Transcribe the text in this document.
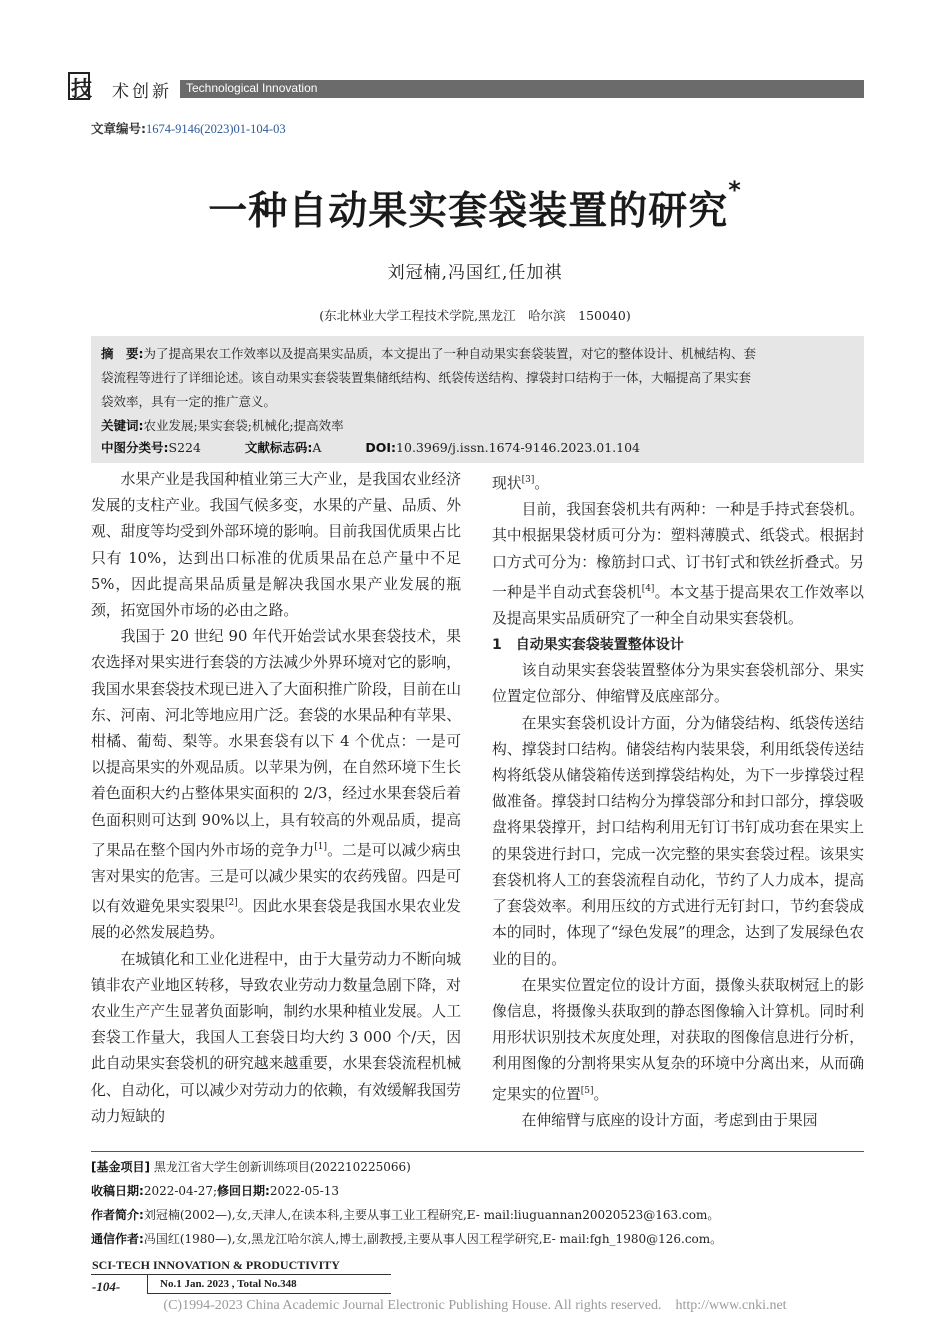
技 术创新 Technological Innovation
文章编号:1674-9146(2023)01-104-03
一种自动果实套袋装置的研究*
刘冠楠,冯国红,任加祺
(东北林业大学工程技术学院,黑龙江　哈尔滨　150040)
摘　要:为了提高果农工作效率以及提高果实品质，本文提出了一种自动果实套袋装置，对它的整体设计、机械结构、套
袋流程等进行了详细论述。该自动果实套袋装置集储纸结构、纸袋传送结构、撑袋封口结构于一体，大幅提高了果实套
袋效率，具有一定的推广意义。
关键词:农业发展;果实套袋;机械化;提高效率
中图分类号:S224	文献标志码:A	DOI:10.3969/j.issn.1674-9146.2023.01.104

水果产业是我国种植业第三大产业，是我国农业经济发展的支柱产业。我国气候多变，水果的产量、品质、外观、甜度等均受到外部环境的影响。目前我国优质果占比只有 10%，达到出口标准的优质果品在总产量中不足 5%，因此提高果品质量是解决我国水果产业发展的瓶颈，拓宽国外市场的必由之路。

我国于 20 世纪 90 年代开始尝试水果套袋技术，果农选择对果实进行套袋的方法减少外界环境对它的影响，我国水果套袋技术现已进入了大面积推广阶段，目前在山东、河南、河北等地应用广泛。套袋的水果品种有苹果、柑橘、葡萄、梨等。水果套袋有以下 4 个优点：一是可以提高果实的外观品质。以苹果为例，在自然环境下生长着色面积大约占整体果实面积的 2/3，经过水果套袋后着色面积则可达到 90%以上，具有较高的外观品质，提高了果品在整个国内外市场的竞争力[1]。二是可以减少病虫害对果实的危害。三是可以减少果实的农药残留。四是可以有效避免果实裂果[2]。因此水果套袋是我国水果农业发展的必然发展趋势。

在城镇化和工业化进程中，由于大量劳动力不断向城镇非农产业地区转移，导致农业劳动力数量急剧下降，对农业生产产生显著负面影响，制约水果种植业发展。人工套袋工作量大，我国人工套袋日均大约 3 000 个/天，因此自动果实套袋机的研究越来越重要，水果套袋流程机械化、自动化，可以减少对劳动力的依赖，有效缓解我国劳动力短缺的

现状[3]。

目前，我国套袋机共有两种：一种是手持式套袋机。其中根据果袋材质可分为：塑料薄膜式、纸袋式。根据封口方式可分为：橡筋封口式、订书钉式和铁丝折叠式。另一种是半自动式套袋机[4]。本文基于提高果农工作效率以及提高果实品质研究了一种全自动果实套袋机。

1　自动果实套袋装置整体设计

该自动果实套袋装置整体分为果实套袋机部分、果实位置定位部分、伸缩臂及底座部分。

在果实套袋机设计方面，分为储袋结构、纸袋传送结构、撑袋封口结构。储袋结构内装果袋，利用纸袋传送结构将纸袋从储袋箱传送到撑袋结构处，为下一步撑袋过程做准备。撑袋封口结构分为撑袋部分和封口部分，撑袋吸盘将果袋撑开，封口结构利用无钉订书钉成功套在果实上的果袋进行封口，完成一次完整的果实套袋过程。该果实套袋机将人工的套袋流程自动化，节约了人力成本，提高了套袋效率。利用压纹的方式进行无钉封口，节约套袋成本的同时，体现了“绿色发展”的理念，达到了发展绿色农业的目的。

在果实位置定位的设计方面，摄像头获取树冠上的影像信息，将摄像头获取到的静态图像输入计算机。同时利用形状识别技术灰度处理，对获取的图像信息进行分析，利用图像的分割将果实从复杂的环境中分离出来，从而确定果实的位置[5]。

在伸缩臂与底座的设计方面，考虑到由于果园

[基金项目] 黑龙江省大学生创新训练项目(202210225066)
收稿日期:2022-04-27;修回日期:2022-05-13
作者简介:刘冠楠(2002—),女,天津人,在读本科,主要从事工业工程研究,E- mail:liuguannan20020523@163.com。
通信作者:冯国红(1980—),女,黑龙江哈尔滨人,博士,副教授,主要从事人因工程学研究,E- mail:fgh_1980@126.com。
SCI-TECH INNOVATION & PRODUCTIVITY
-104-	No.1 Jan. 2023 , Total No.348
(C)1994-2023 China Academic Journal Electronic Publishing House. All rights reserved.    http://www.cnki.net
